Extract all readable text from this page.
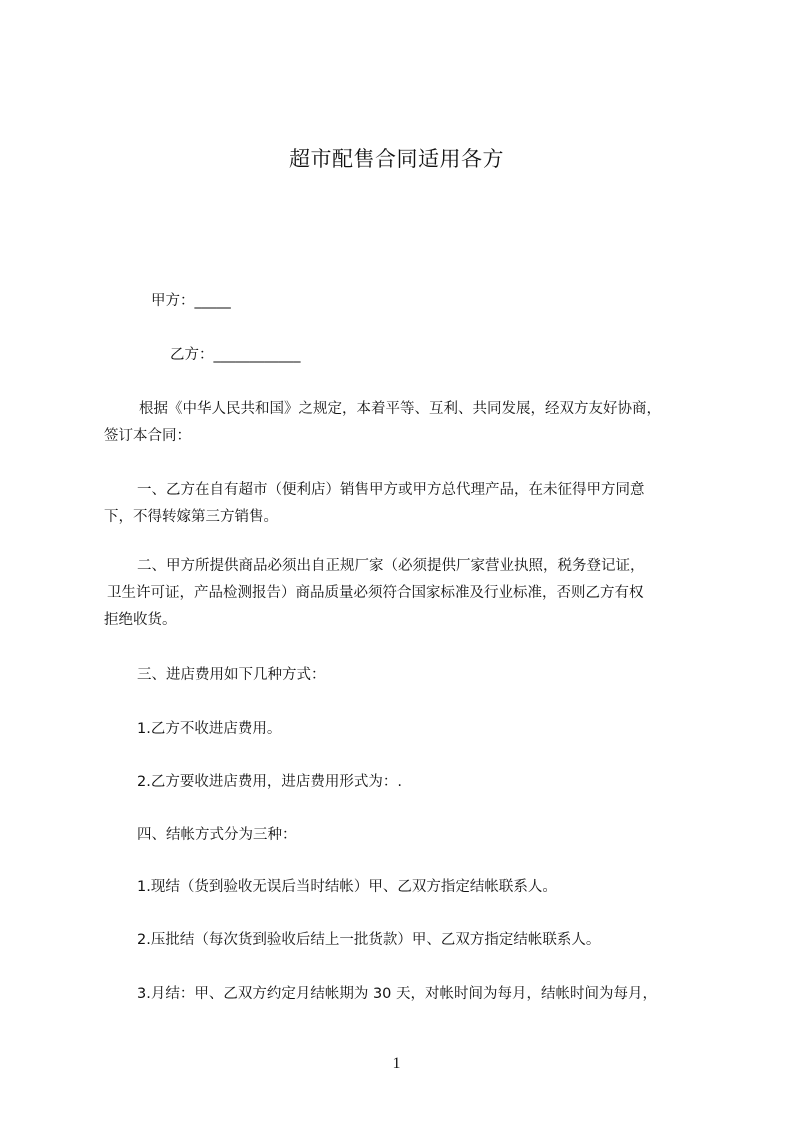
超市配售合同适用各方
甲方：_____
乙方：____________
根据《中华人民共和国》之规定，本着平等、互利、共同发展，经双方友好协商，
签订本合同：
一、乙方在自有超市（便利店）销售甲方或甲方总代理产品，在未征得甲方同意
下，不得转嫁第三方销售。
二、甲方所提供商品必须出自正规厂家（必须提供厂家营业执照，税务登记证，
卫生许可证，产品检测报告）商品质量必须符合国家标准及行业标准，否则乙方有权
拒绝收货。
三、进店费用如下几种方式：
1.乙方不收进店费用。
2.乙方要收进店费用，进店费用形式为：.
四、结帐方式分为三种：
1.现结（货到验收无误后当时结帐）甲、乙双方指定结帐联系人。
2.压批结（每次货到验收后结上一批货款）甲、乙双方指定结帐联系人。
3.月结：甲、乙双方约定月结帐期为 30 天，对帐时间为每月，结帐时间为每月，
1
